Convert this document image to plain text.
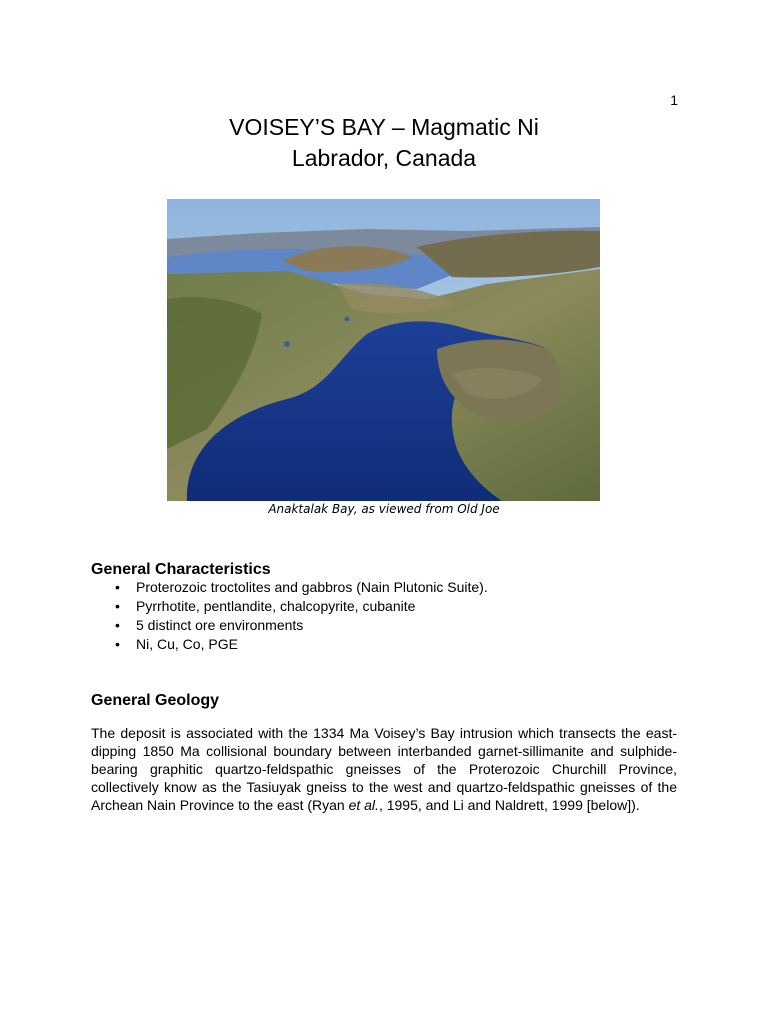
1
VOISEY’S BAY – Magmatic Ni
Labrador, Canada
Anaktalak Bay, as viewed from Old Joe
General Characteristics
• Proterozoic troctolites and gabbros (Nain Plutonic Suite).
• Pyrrhotite, pentlandite, chalcopyrite, cubanite
• 5 distinct ore environments
• Ni, Cu, Co, PGE
General Geology

The deposit is associated with the 1334 Ma Voisey’s Bay intrusion which transects the east-dipping 1850 Ma collisional boundary between interbanded garnet-sillimanite and sulphide-bearing graphitic quartzo-feldspathic gneisses of the Proterozoic Churchill Province, collectively know as the Tasiuyak gneiss to the west and quartzo-feldspathic gneisses of the Archean Nain Province to the east (Ryan et al., 1995, and Li and Naldrett, 1999 [below]).
